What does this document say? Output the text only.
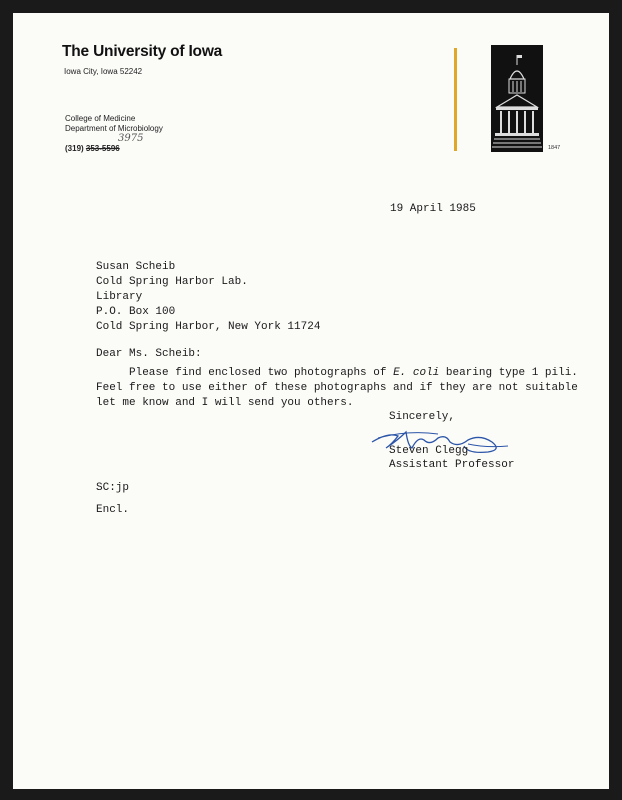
The University of Iowa
Iowa City, Iowa 52242
College of Medicine
Department of Microbiology
(319) 353-5596
3975
1847
19 April 1985
Susan Scheib
Cold Spring Harbor Lab.
Library
P.O. Box 100
Cold Spring Harbor, New York 11724
Dear Ms. Scheib:
Please find enclosed two photographs of E. coli bearing type 1 pili.
Feel free to use either of these photographs and if they are not suitable
let me know and I will send you others.
Sincerely,
Steven Clegg
Assistant Professor
SC:jp
Encl.
